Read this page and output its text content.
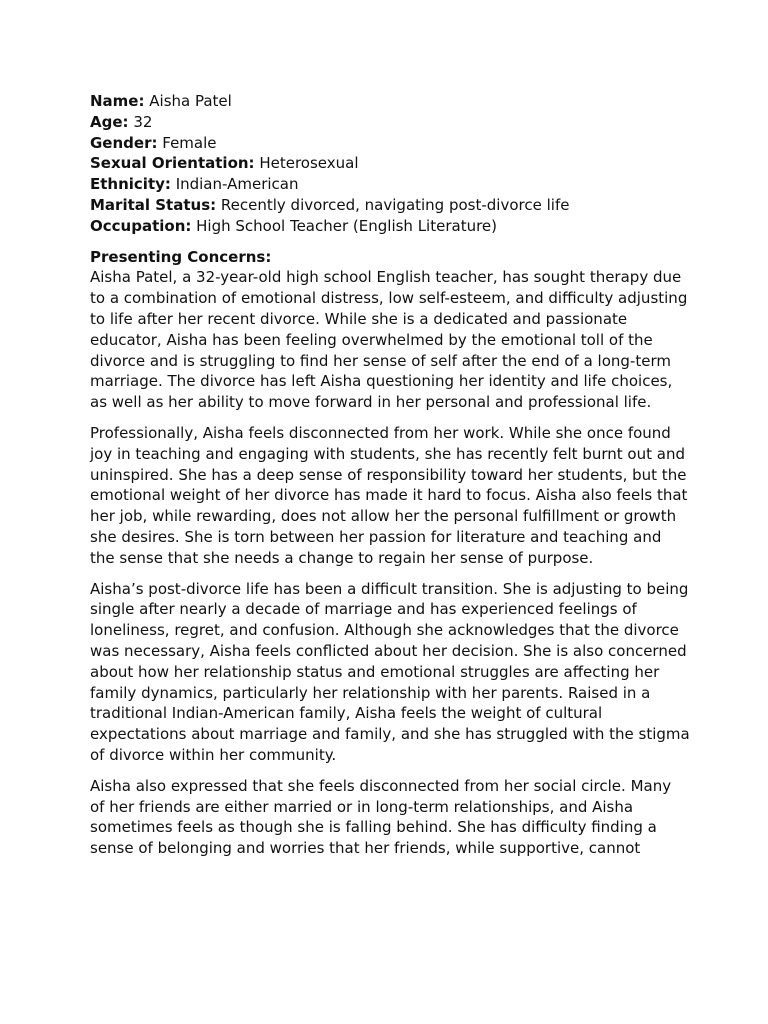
Name: Aisha Patel

Age: 32

Gender: Female

Sexual Orientation: Heterosexual

Ethnicity: Indian-American

Marital Status: Recently divorced, navigating post-divorce life

Occupation: High School Teacher (English Literature)

Presenting Concerns:

Aisha Patel, a 32-year-old high school English teacher, has sought therapy due to a combination of emotional distress, low self-esteem, and difficulty adjusting to life after her recent divorce. While she is a dedicated and passionate educator, Aisha has been feeling overwhelmed by the emotional toll of the divorce and is struggling to find her sense of self after the end of a long-term marriage. The divorce has left Aisha questioning her identity and life choices, as well as her ability to move forward in her personal and professional life.

Professionally, Aisha feels disconnected from her work. While she once found joy in teaching and engaging with students, she has recently felt burnt out and uninspired. She has a deep sense of responsibility toward her students, but the emotional weight of her divorce has made it hard to focus. Aisha also feels that her job, while rewarding, does not allow her the personal fulfillment or growth she desires. She is torn between her passion for literature and teaching and the sense that she needs a change to regain her sense of purpose.

Aisha’s post-divorce life has been a difficult transition. She is adjusting to being single after nearly a decade of marriage and has experienced feelings of loneliness, regret, and confusion. Although she acknowledges that the divorce was necessary, Aisha feels conflicted about her decision. She is also concerned about how her relationship status and emotional struggles are affecting her family dynamics, particularly her relationship with her parents. Raised in a traditional Indian-American family, Aisha feels the weight of cultural expectations about marriage and family, and she has struggled with the stigma of divorce within her community.

Aisha also expressed that she feels disconnected from her social circle. Many of her friends are either married or in long-term relationships, and Aisha sometimes feels as though she is falling behind. She has difficulty finding a sense of belonging and worries that her friends, while supportive, cannot
